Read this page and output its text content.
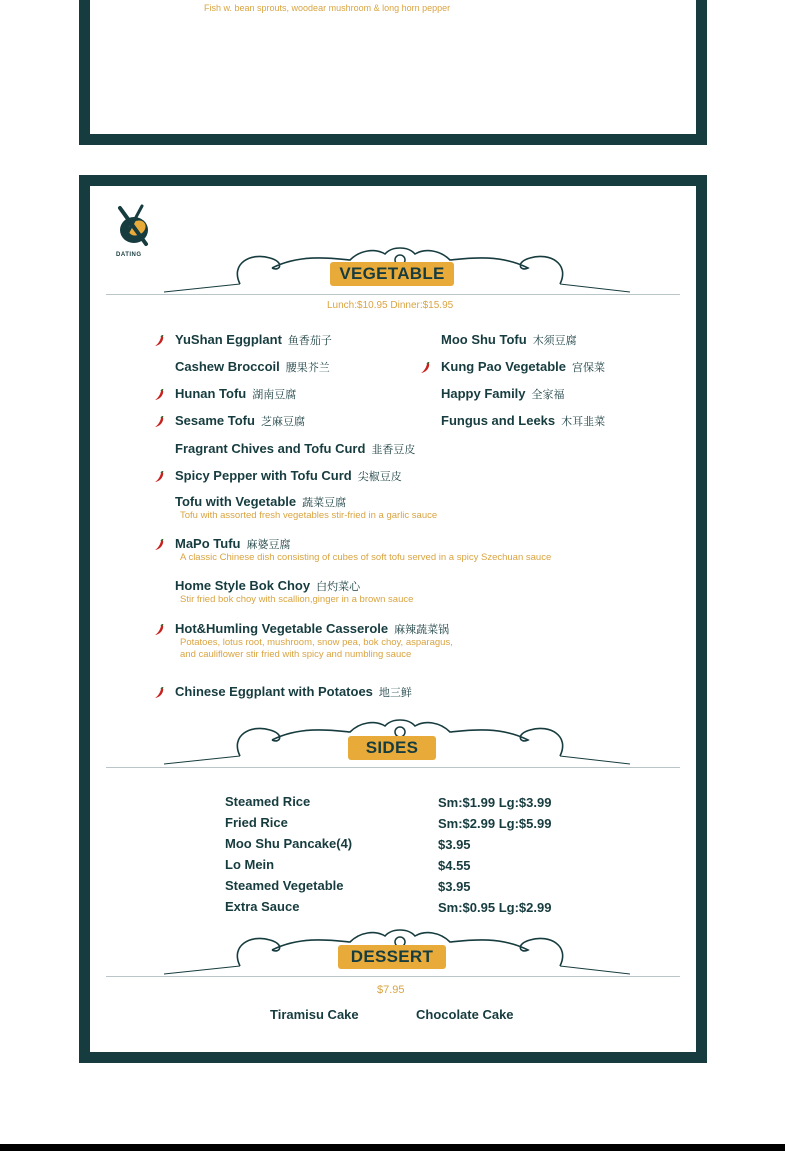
Fish w. bean sprouts, woodear mushroom & long horn pepper
DATING
VEGETABLE
Lunch:$10.95 Dinner:$15.95
YuShan Eggplant 鱼香茄子	Moo Shu Tofu 木须豆腐
Cashew Broccoil 腰果芥兰	Kung Pao Vegetable 宫保菜
Hunan Tofu 湖南豆腐	Happy Family 全家福
Sesame Tofu 芝麻豆腐	Fungus and Leeks 木耳韭菜
Fragrant Chives and Tofu Curd 韭香豆皮
Spicy Pepper with Tofu Curd 尖椒豆皮
Tofu with Vegetable 蔬菜豆腐
Tofu with assorted fresh vegetables stir-fried in a garlic sauce
MaPo Tufu 麻婆豆腐
A classic Chinese dish consisting of cubes of soft tofu served in a spicy Szechuan sauce
Home Style Bok Choy 白灼菜心
Stir fried bok choy with scallion,ginger in a brown sauce
Hot&Humling Vegetable Casserole 麻辣蔬菜锅
Potatoes, lotus root, mushroom, snow pea, bok choy, asparagus,
and cauliflower stir fried with spicy and numbling sauce
Chinese Eggplant with Potatoes 地三鲜
SIDES
Steamed Rice	Sm:$1.99 Lg:$3.99
Fried Rice	Sm:$2.99 Lg:$5.99
Moo Shu Pancake(4)	$3.95
Lo Mein	$4.55
Steamed Vegetable	$3.95
Extra Sauce	Sm:$0.95 Lg:$2.99
DESSERT
$7.95
Tiramisu Cake	Chocolate Cake
